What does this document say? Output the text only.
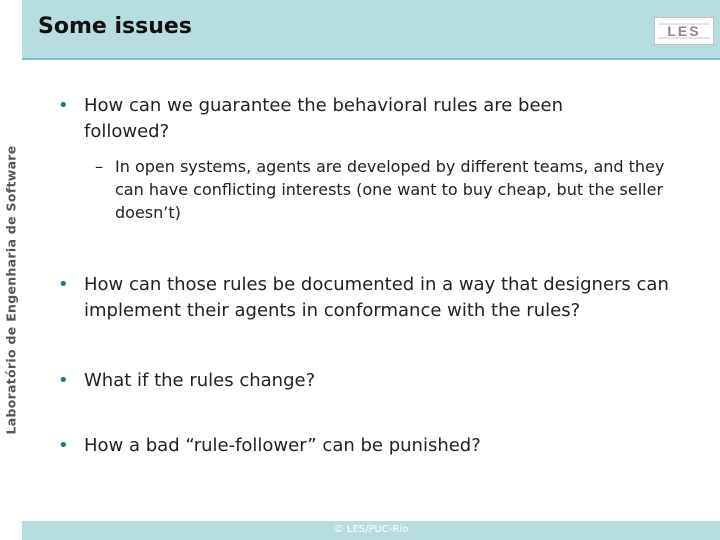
Some issues	LES
Laboratório de Engenharia de Software
• How can we guarantee the behavioral rules are been followed?
– In open systems, agents are developed by different teams, and they can have conflicting interests (one want to buy cheap, but the seller doesn’t)
• How can those rules be documented in a way that designers can implement their agents in conformance with the rules?
• What if the rules change?
• How a bad “rule-follower” can be punished?
© LES/PUC-Rio
